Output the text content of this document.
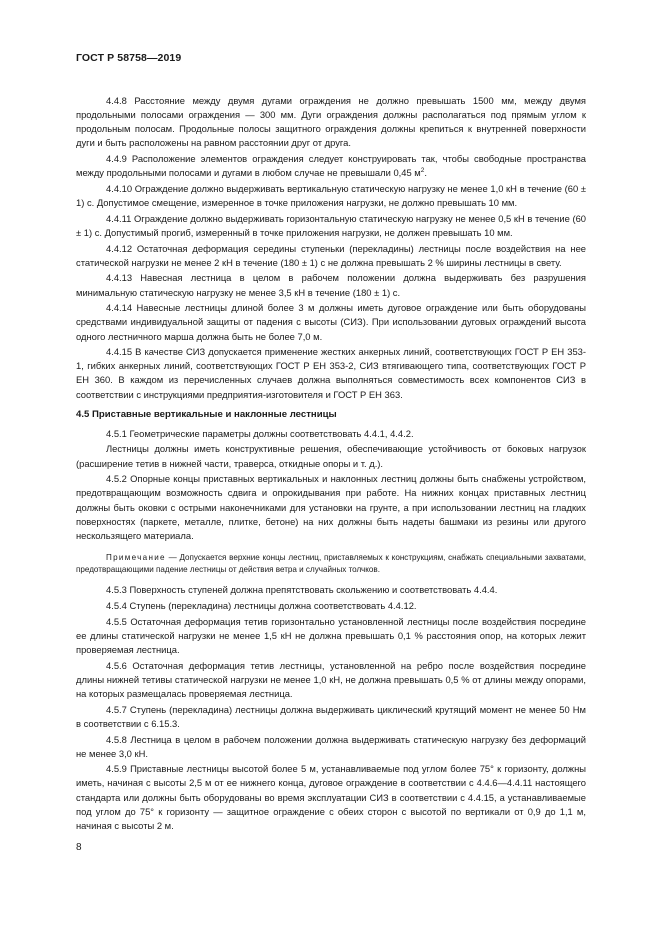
ГОСТ Р 58758—2019

4.4.8 Расстояние между двумя дугами ограждения не должно превышать 1500 мм, между двумя продольными полосами ограждения — 300 мм. Дуги ограждения должны располагаться под прямым углом к продольным полосам. Продольные полосы защитного ограждения должны крепиться к внутренней поверхности дуги и быть расположены на равном расстоянии друг от друга.

4.4.9 Расположение элементов ограждения следует конструировать так, чтобы свободные пространства между продольными полосами и дугами в любом случае не превышали 0,45 $м^2$.

4.4.10 Ограждение должно выдерживать вертикальную статическую нагрузку не менее 1,0 кН в течение (60 ± 1) с. Допустимое смещение, измеренное в точке приложения нагрузки, не должно превышать 10 мм.

4.4.11 Ограждение должно выдерживать горизонтальную статическую нагрузку не менее 0,5 кН в течение (60 ± 1) с. Допустимый прогиб, измеренный в точке приложения нагрузки, не должен превышать 10 мм.

4.4.12 Остаточная деформация середины ступеньки (перекладины) лестницы после воздействия на нее статической нагрузки не менее 2 кН в течение (180 ± 1) с не должна превышать 2 % ширины лестницы в свету.

4.4.13 Навесная лестница в целом в рабочем положении должна выдерживать без разрушения минимальную статическую нагрузку не менее 3,5 кН в течение (180 ± 1) с.

4.4.14 Навесные лестницы длиной более 3 м должны иметь дуговое ограждение или быть оборудованы средствами индивидуальной защиты от падения с высоты (СИЗ). При использовании дуговых ограждений высота одного лестничного марша должна быть не более 7,0 м.

4.4.15 В качестве СИЗ допускается применение жестких анкерных линий, соответствующих ГОСТ Р ЕН 353-1, гибких анкерных линий, соответствующих ГОСТ Р ЕН 353-2, СИЗ втягивающего типа, соответствующих ГОСТ Р ЕН 360. В каждом из перечисленных случаев должна выполняться совместимость всех компонентов СИЗ в соответствии с инструкциями предприятия-изготовителя и ГОСТ Р ЕН 363.

4.5 Приставные вертикальные и наклонные лестницы

4.5.1 Геометрические параметры должны соответствовать 4.4.1, 4.4.2.

Лестницы должны иметь конструктивные решения, обеспечивающие устойчивость от боковых нагрузок (расширение тетив в нижней части, траверса, откидные опоры и т. д.).

4.5.2 Опорные концы приставных вертикальных и наклонных лестниц должны быть снабжены устройством, предотвращающим возможность сдвига и опрокидывания при работе. На нижних концах приставных лестниц должны быть оковки с острыми наконечниками для установки на грунте, а при использовании лестниц на гладких поверхностях (паркете, металле, плитке, бетоне) на них должны быть надеты башмаки из резины или другого нескользящего материала.

Примечание — Допускается верхние концы лестниц, приставляемых к конструкциям, снабжать специальными захватами, предотвращающими падение лестницы от действия ветра и случайных толчков.

4.5.3 Поверхность ступеней должна препятствовать скольжению и соответствовать 4.4.4.

4.5.4 Ступень (перекладина) лестницы должна соответствовать 4.4.12.

4.5.5 Остаточная деформация тетив горизонтально установленной лестницы после воздействия посредине ее длины статической нагрузки не менее 1,5 кН не должна превышать 0,1 % расстояния опор, на которых лежит проверяемая лестница.

4.5.6 Остаточная деформация тетив лестницы, установленной на ребро после воздействия посредине длины нижней тетивы статической нагрузки не менее 1,0 кН, не должна превышать 0,5 % от длины между опорами, на которых размещалась проверяемая лестница.

4.5.7 Ступень (перекладина) лестницы должна выдерживать циклический крутящий момент не менее 50 Нм в соответствии с 6.15.3.

4.5.8 Лестница в целом в рабочем положении должна выдерживать статическую нагрузку без деформаций не менее 3,0 кН.

4.5.9 Приставные лестницы высотой более 5 м, устанавливаемые под углом более 75° к горизонту, должны иметь, начиная с высоты 2,5 м от ее нижнего конца, дуговое ограждение в соответствии с 4.4.6—4.4.11 настоящего стандарта или должны быть оборудованы во время эксплуатации СИЗ в соответствии с 4.4.15, а устанавливаемые под углом до 75° к горизонту — защитное ограждение с обеих сторон с высотой по вертикали от 0,9 до 1,1 м, начиная с высоты 2 м.

8
